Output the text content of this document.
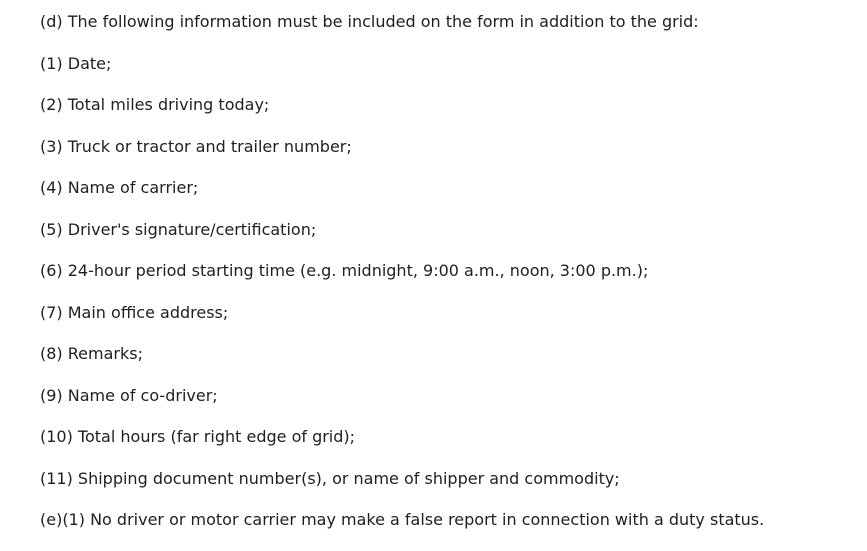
(d) The following information must be included on the form in addition to the grid:
(1) Date;
(2) Total miles driving today;
(3) Truck or tractor and trailer number;
(4) Name of carrier;
(5) Driver's signature/certification;
(6) 24-hour period starting time (e.g. midnight, 9:00 a.m., noon, 3:00 p.m.);
(7) Main office address;
(8) Remarks;
(9) Name of co-driver;
(10) Total hours (far right edge of grid);
(11) Shipping document number(s), or name of shipper and commodity;
(e)(1) No driver or motor carrier may make a false report in connection with a duty status.
